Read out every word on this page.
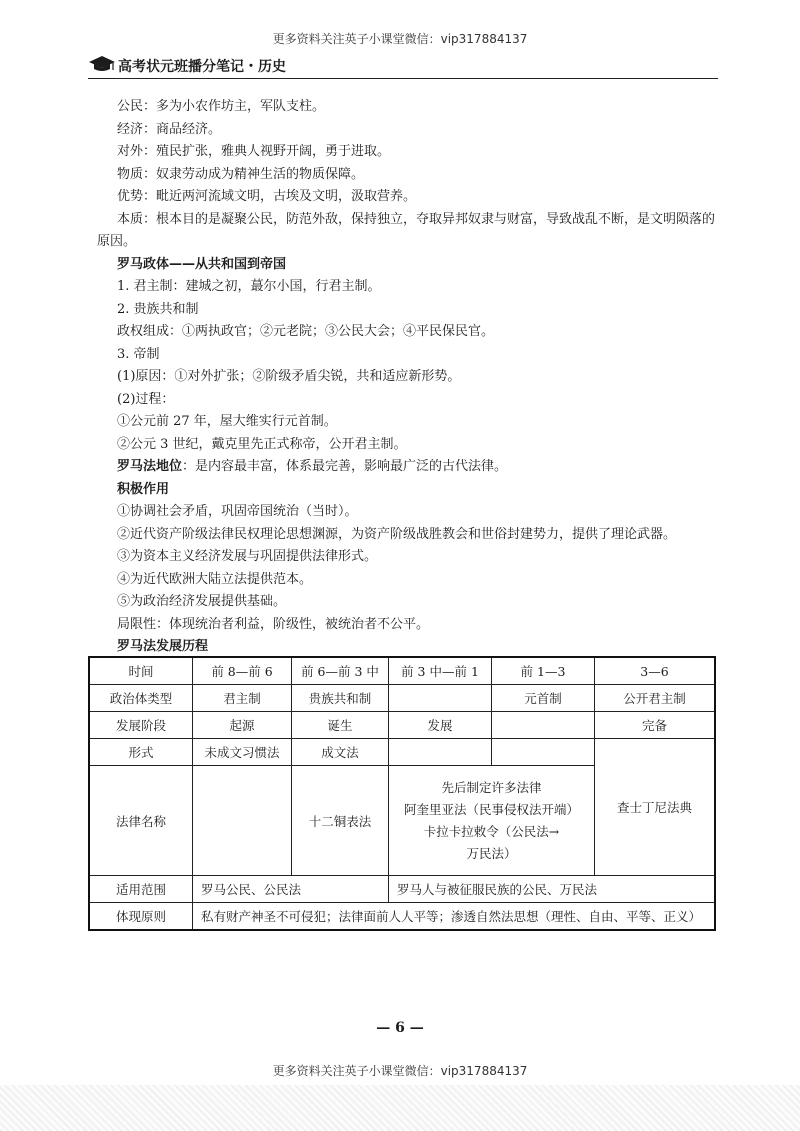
更多资料关注英子小课堂微信：vip317884137
高考状元班播分笔记・历史

公民：多为小农作坊主，军队支柱。

经济：商品经济。

对外：殖民扩张，雅典人视野开阔，勇于进取。

物质：奴隶劳动成为精神生活的物质保障。

优势：毗近两河流域文明，古埃及文明，汲取营养。

本质：根本目的是凝聚公民，防范外敌，保持独立，夺取异邦奴隶与财富，导致战乱不断，是文明陨落的

原因。

罗马政体——从共和国到帝国

1. 君主制：建城之初，蕞尔小国，行君主制。

2. 贵族共和制

政权组成：①两执政官；②元老院；③公民大会；④平民保民官。

3. 帝制

(1)原因：①对外扩张；②阶级矛盾尖锐，共和适应新形势。

(2)过程：

①公元前 27 年，屋大维实行元首制。

②公元 3 世纪，戴克里先正式称帝，公开君主制。

罗马法地位：是内容最丰富，体系最完善，影响最广泛的古代法律。

积极作用

①协调社会矛盾，巩固帝国统治（当时）。

②近代资产阶级法律民权理论思想渊源，为资产阶级战胜教会和世俗封建势力，提供了理论武器。

③为资本主义经济发展与巩固提供法律形式。

④为近代欧洲大陆立法提供范本。

⑤为政治经济发展提供基础。

局限性：体现统治者利益，阶级性，被统治者不公平。

罗马法发展历程

时间	前 8—前 6	前 6—前 3 中	前 3 中—前 1	前 1—3	3—6
政治体类型	君主制	贵族共和制		元首制	公开君主制
发展阶段	起源	诞生	发展		完备
形式	未成文习惯法	成文法			查士丁尼法典
法律名称		十二铜表法	先后制定许多法律
阿奎里亚法（民事侵权法开端）
卡拉卡拉敕令（公民法→
万民法）		

适用范围	罗马公民、公民法		罗马人与被征服民族的公民、万民法		
体现原则	私有财产神圣不可侵犯；法律面前人人平等；渗透自然法思想（理性、自由、平等、正义）				
— 6 —
更多资料关注英子小课堂微信：vip317884137
